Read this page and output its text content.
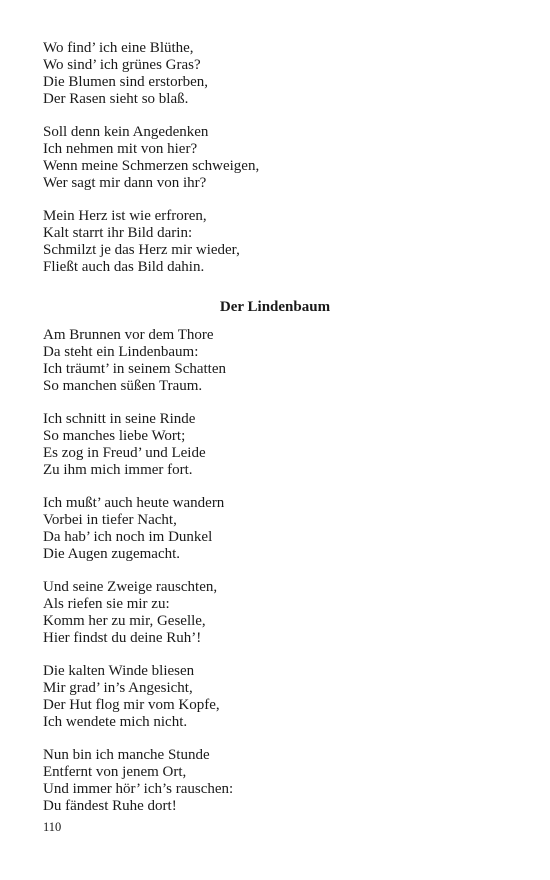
Wo find’ ich eine Blüthe,
Wo sind’ ich grünes Gras?
Die Blumen sind erstorben,
Der Rasen sieht so blaß.
Soll denn kein Angedenken
Ich nehmen mit von hier?
Wenn meine Schmerzen schweigen,
Wer sagt mir dann von ihr?
Mein Herz ist wie erfroren,
Kalt starrt ihr Bild darin:
Schmilzt je das Herz mir wieder,
Fließt auch das Bild dahin.
Der Lindenbaum
Am Brunnen vor dem Thore
Da steht ein Lindenbaum:
Ich träumt’ in seinem Schatten
So manchen süßen Traum.
Ich schnitt in seine Rinde
So manches liebe Wort;
Es zog in Freud’ und Leide
Zu ihm mich immer fort.
Ich mußt’ auch heute wandern
Vorbei in tiefer Nacht,
Da hab’ ich noch im Dunkel
Die Augen zugemacht.
Und seine Zweige rauschten,
Als riefen sie mir zu:
Komm her zu mir, Geselle,
Hier findst du deine Ruh’!
Die kalten Winde bliesen
Mir grad’ in’s Angesicht,
Der Hut flog mir vom Kopfe,
Ich wendete mich nicht.
Nun bin ich manche Stunde
Entfernt von jenem Ort,
Und immer hör’ ich’s rauschen:
Du fändest Ruhe dort!
110
